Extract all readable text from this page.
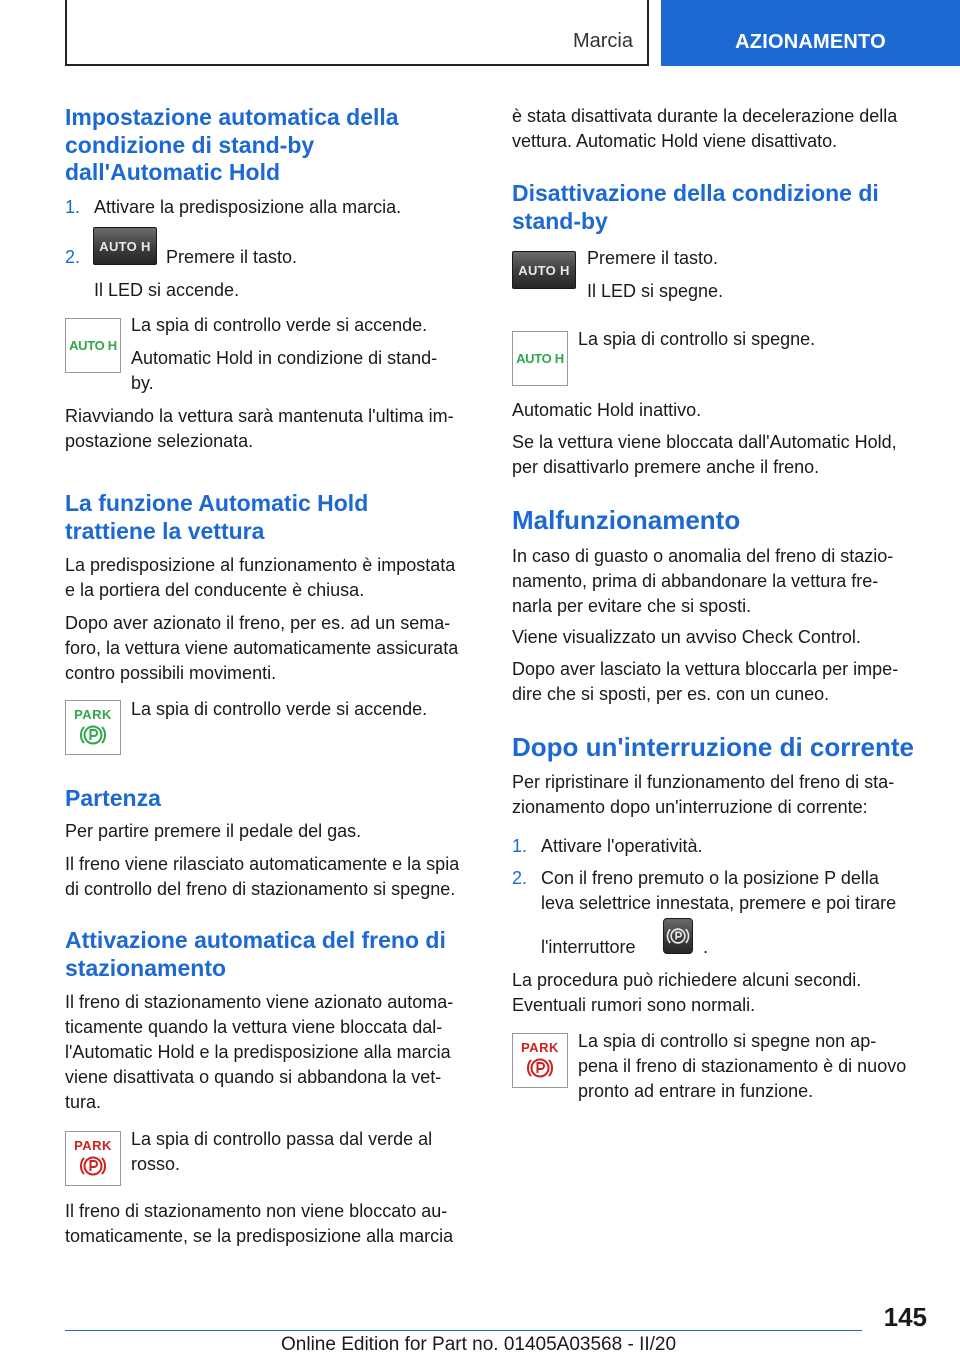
Marcia	AZIONAMENTO
Impostazione automatica della
condizione di stand-by
dall'Automatic Hold
1. Attivare la predisposizione alla marcia.
2.
AUTO H
Premere il tasto.
Il LED si accende.
AUTO H
La spia di controllo verde si accende.
Automatic Hold in condizione di stand-
by.
Riavviando la vettura sarà mantenuta l'ultima im-
postazione selezionata.
La funzione Automatic Hold
trattiene la vettura
La predisposizione al funzionamento è impostata
e la portiera del conducente è chiusa.
Dopo aver azionato il freno, per es. ad un sema-
foro, la vettura viene automaticamente assicurata
contro possibili movimenti.
PARK	La spia di controllo verde si accende.
Partenza
Per partire premere il pedale del gas.
Il freno viene rilasciato automaticamente e la spia
di controllo del freno di stazionamento si spegne.
Attivazione automatica del freno di
stazionamento
Il freno di stazionamento viene azionato automa-
ticamente quando la vettura viene bloccata dal-
l'Automatic Hold e la predisposizione alla marcia
viene disattivata o quando si abbandona la vet-
tura.
PARK	La spia di controllo passa dal verde al
rosso.
Il freno di stazionamento non viene bloccato au-
tomaticamente, se la predisposizione alla marcia
è stata disattivata durante la decelerazione della
vettura. Automatic Hold viene disattivato.
Disattivazione della condizione di
stand-by
AUTO H
Premere il tasto.
Il LED si spegne.
AUTO H
La spia di controllo si spegne.
Automatic Hold inattivo.
Se la vettura viene bloccata dall'Automatic Hold,
per disattivarlo premere anche il freno.
Malfunzionamento
In caso di guasto o anomalia del freno di stazio-
namento, prima di abbandonare la vettura fre-
narla per evitare che si sposti.
Viene visualizzato un avviso Check Control.
Dopo aver lasciato la vettura bloccarla per impe-
dire che si sposti, per es. con un cuneo.
Dopo un'interruzione di corrente
Per ripristinare il funzionamento del freno di sta-
zionamento dopo un'interruzione di corrente:
1. Attivare l'operatività.
2. Con il freno premuto o la posizione P della
leva selettrice innestata, premere e poi tirare
l'interruttore	.
La procedura può richiedere alcuni secondi.
Eventuali rumori sono normali.
PARK	La spia di controllo si spegne non ap-
pena il freno di stazionamento è di nuovo
pronto ad entrare in funzione.
145
Online Edition for Part no. 01405A03568 - II/20
